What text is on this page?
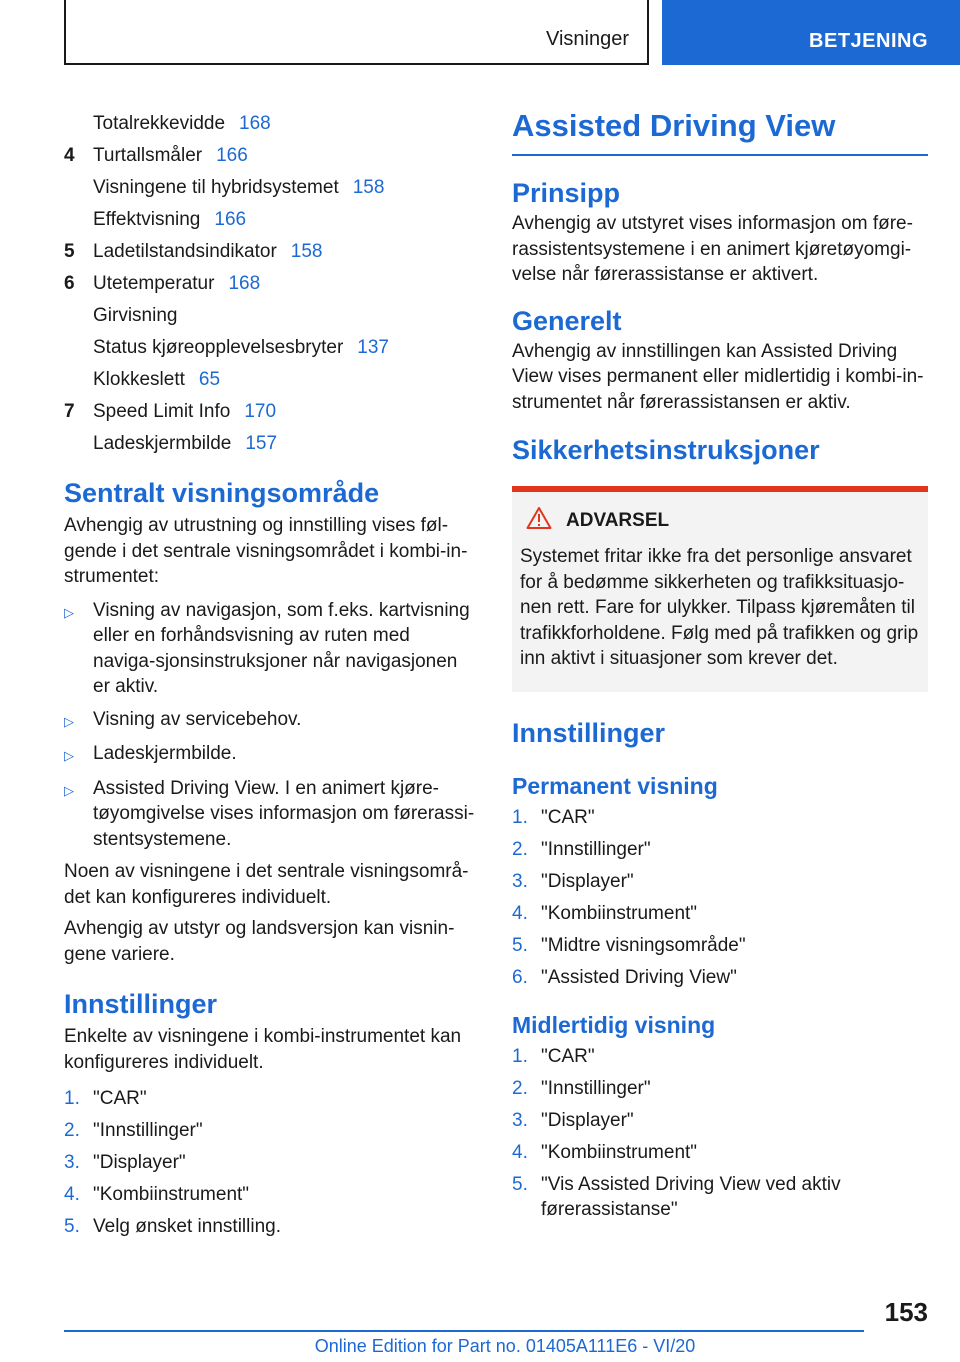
Visninger	BETJENING
Totalrekkevidde 168
4 Turtallsmåler 166
Visningene til hybridsystemet 158
Effektvisning 166
5 Ladetilstandsindikator 158
6 Utetemperatur 168
Girvisning
Status kjøreopplevelsesbryter 137
Klokkeslett 65
7 Speed Limit Info 170
Ladeskjermbilde 157
Sentralt visningsområde
Avhengig av utrustning og innstilling vises føl-gende i det sentrale visningsområdet i kombi-in-strumentet:
▷	Visning av navigasjon, som f.eks. kartvisning eller en forhåndsvisning av ruten med naviga-sjonsinstruksjoner når navigasjonen er aktiv.
▷	Visning av servicebehov.
▷	Ladeskjermbilde.
▷	Assisted Driving View. I en animert kjøre-tøyomgivelse vises informasjon om førerassi-stentsystemene.
Noen av visningene i det sentrale visningsområ-det kan konfigureres individuelt.
Avhengig av utstyr og landsversjon kan visnin-gene variere.
Innstillinger
Enkelte av visningene i kombi-instrumentet kan konfigureres individuelt.
1. "CAR"
2. "Innstillinger"
3. "Displayer"
4. "Kombiinstrument"
5. Velg ønsket innstilling.
Assisted Driving View
Prinsipp
Avhengig av utstyret vises informasjon om føre-rassistentsystemene i en animert kjøretøyomgi-velse når førerassistanse er aktivert.
Generelt
Avhengig av innstillingen kan Assisted Driving View vises permanent eller midlertidig i kombi-in-strumentet når førerassistansen er aktiv.
Sikkerhetsinstruksjoner
ADVARSEL
Systemet fritar ikke fra det personlige ansvaret for å bedømme sikkerheten og trafikksituasjo-nen rett. Fare for ulykker. Tilpass kjøremåten til trafikkforholdene. Følg med på trafikken og grip inn aktivt i situasjoner som krever det.
Innstillinger
Permanent visning
1. "CAR"
2. "Innstillinger"
3. "Displayer"
4. "Kombiinstrument"
5. "Midtre visningsområde"
6. "Assisted Driving View"
Midlertidig visning
1. "CAR"
2. "Innstillinger"
3. "Displayer"
4. "Kombiinstrument"
5. "Vis Assisted Driving View ved aktiv førerassistanse"
153
Online Edition for Part no. 01405A111E6 - VI/20
